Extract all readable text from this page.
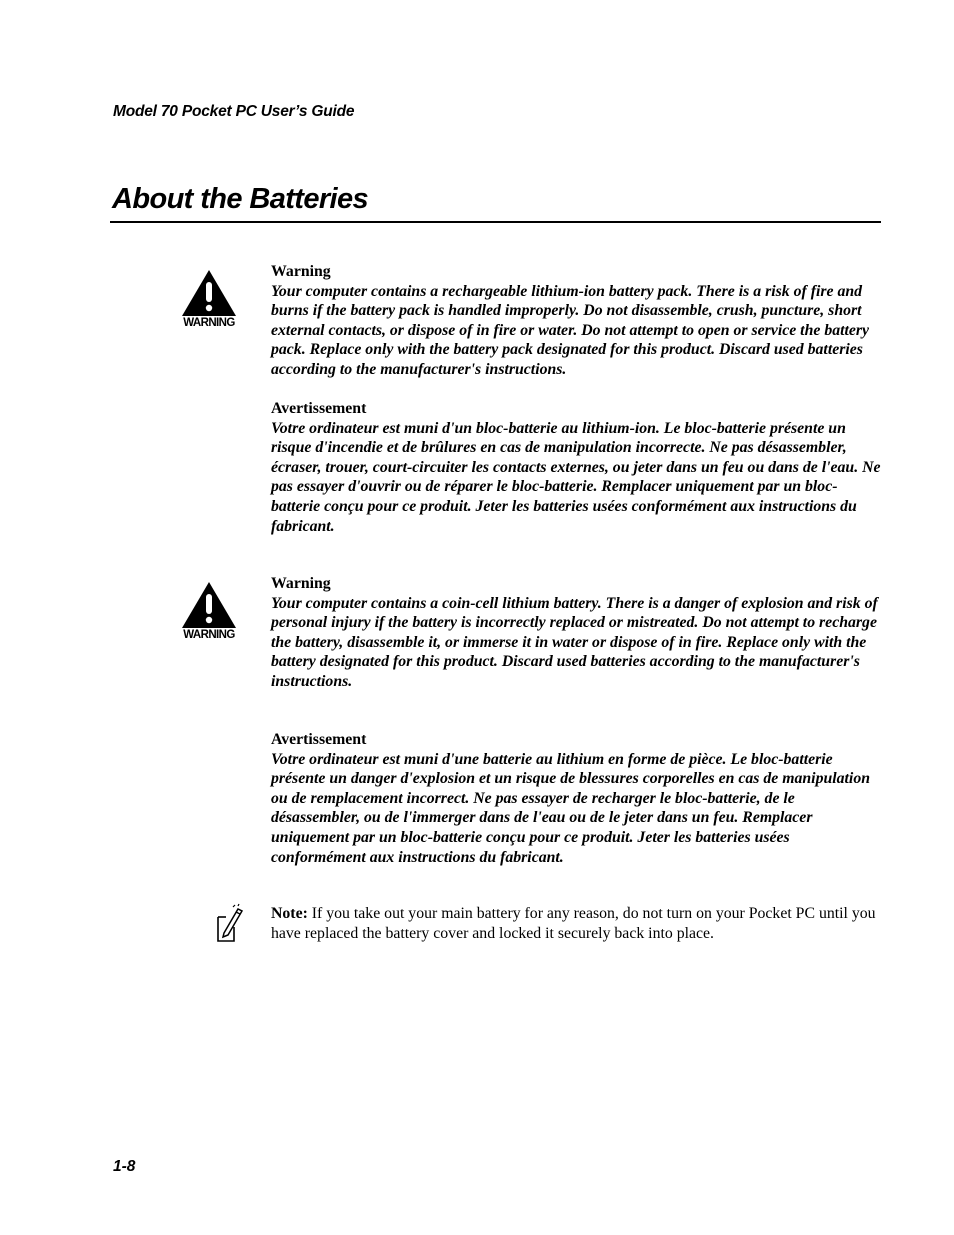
Model 70 Pocket PC User’s Guide
About the Batteries
WARNING
WARNING
Warning
Your computer contains a rechargeable lithium-ion battery pack. There is a risk of fire and burns if the battery pack is handled improperly. Do not disassemble, crush, puncture, short external contacts, or dispose of in fire or water. Do not attempt to open or service the battery pack. Replace only with the battery pack designated for this product. Discard used batteries according to the manufacturer's instructions.
Avertissement
Votre ordinateur est muni d'un bloc-batterie au lithium-ion. Le bloc-batterie présente un risque d'incendie et de brûlures en cas de manipulation incorrecte. Ne pas désassembler, écraser, trouer, court-circuiter les contacts externes, ou jeter dans un feu ou dans de l'eau. Ne pas essayer d'ouvrir ou de réparer le bloc-batterie. Remplacer uniquement par un bloc-batterie conçu pour ce produit. Jeter les batteries usées conformément aux instructions du fabricant.
Warning
Your computer contains a coin-cell lithium battery. There is a danger of explosion and risk of personal injury if the battery is incorrectly replaced or mistreated. Do not attempt to recharge the battery, disassemble it, or immerse it in water or dispose of in fire. Replace only with the battery designated for this product. Discard used batteries according to the manufacturer's instructions.
Avertissement
Votre ordinateur est muni d'une batterie au lithium en forme de pièce. Le bloc-batterie présente un danger d'explosion et un risque de blessures corporelles en cas de manipulation ou de remplacement incorrect. Ne pas essayer de recharger le bloc-batterie, de le désassembler, ou de l'immerger dans de l'eau ou de le jeter dans un feu. Remplacer uniquement par un bloc-batterie conçu pour ce produit. Jeter les batteries usées conformément aux instructions du fabricant.
Note: If you take out your main battery for any reason, do not turn on your Pocket PC until you have replaced the battery cover and locked it securely back into place.
1-8
